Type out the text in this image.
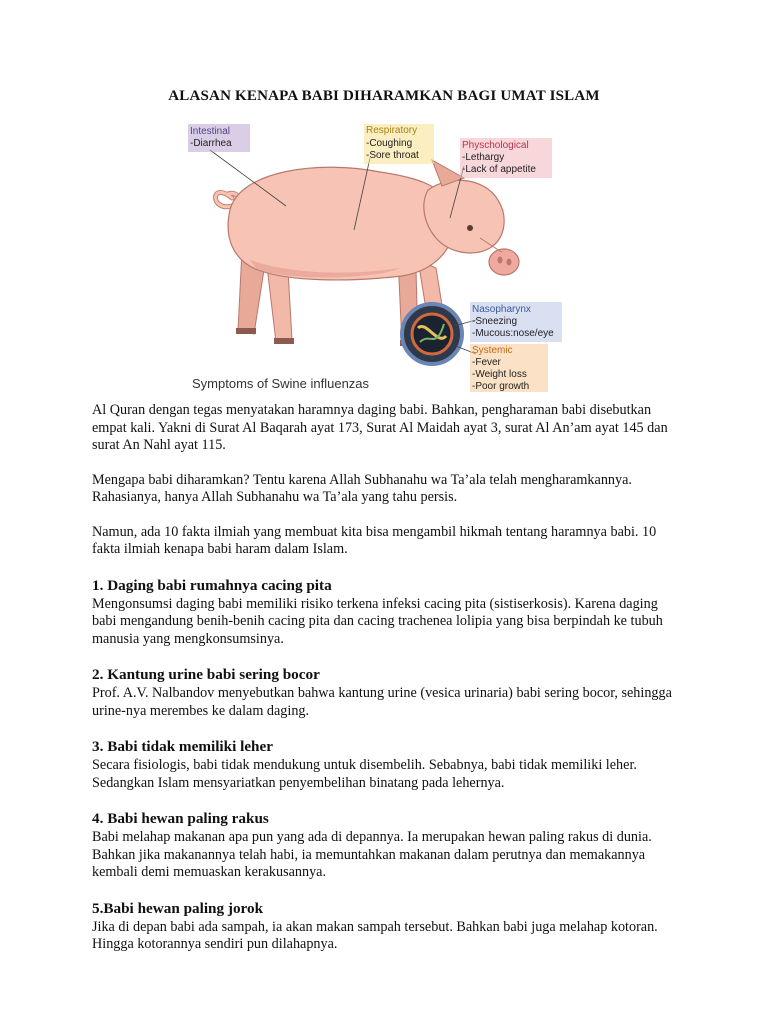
ALASAN KENAPA BABI DIHARAMKAN BAGI UMAT ISLAM
Intestinal
-Diarrhea
Respiratory
-Coughing
-Sore throat
Physchological
-Lethargy
-Lack of appetite
Nasopharynx
-Sneezing
-Mucous:nose/eye
Systemic
-Fever
-Weight loss
-Poor growth
Symptoms of Swine influenzas

Al Quran dengan tegas menyatakan haramnya daging babi. Bahkan, pengharaman babi disebutkan empat kali. Yakni di Surat Al Baqarah ayat 173, Surat Al Maidah ayat 3, surat Al An’am ayat 145 dan surat An Nahl ayat 115.

Mengapa babi diharamkan? Tentu karena Allah Subhanahu wa Ta’ala telah mengharamkannya. Rahasianya, hanya Allah Subhanahu wa Ta’ala yang tahu persis.

Namun, ada 10 fakta ilmiah yang membuat kita bisa mengambil hikmah tentang haramnya babi. 10 fakta ilmiah kenapa babi haram dalam Islam.

1. Daging babi rumahnya cacing pita

Mengonsumsi daging babi memiliki risiko terkena infeksi cacing pita (sistiserkosis). Karena daging babi mengandung benih-benih cacing pita dan cacing trachenea lolipia yang bisa berpindah ke tubuh manusia yang mengkonsumsinya.

2. Kantung urine babi sering bocor

Prof. A.V. Nalbandov menyebutkan bahwa kantung urine (vesica urinaria) babi sering bocor, sehingga urine-nya merembes ke dalam daging.

3. Babi tidak memiliki leher

Secara fisiologis, babi tidak mendukung untuk disembelih. Sebabnya, babi tidak memiliki leher. Sedangkan Islam mensyariatkan penyembelihan binatang pada lehernya.

4. Babi hewan paling rakus

Babi melahap makanan apa pun yang ada di depannya. Ia merupakan hewan paling rakus di dunia. Bahkan jika makanannya telah habi, ia memuntahkan makanan dalam perutnya dan memakannya kembali demi memuaskan kerakusannya.

5.Babi hewan paling jorok

Jika di depan babi ada sampah, ia akan makan sampah tersebut. Bahkan babi juga melahap kotoran. Hingga kotorannya sendiri pun dilahapnya.
